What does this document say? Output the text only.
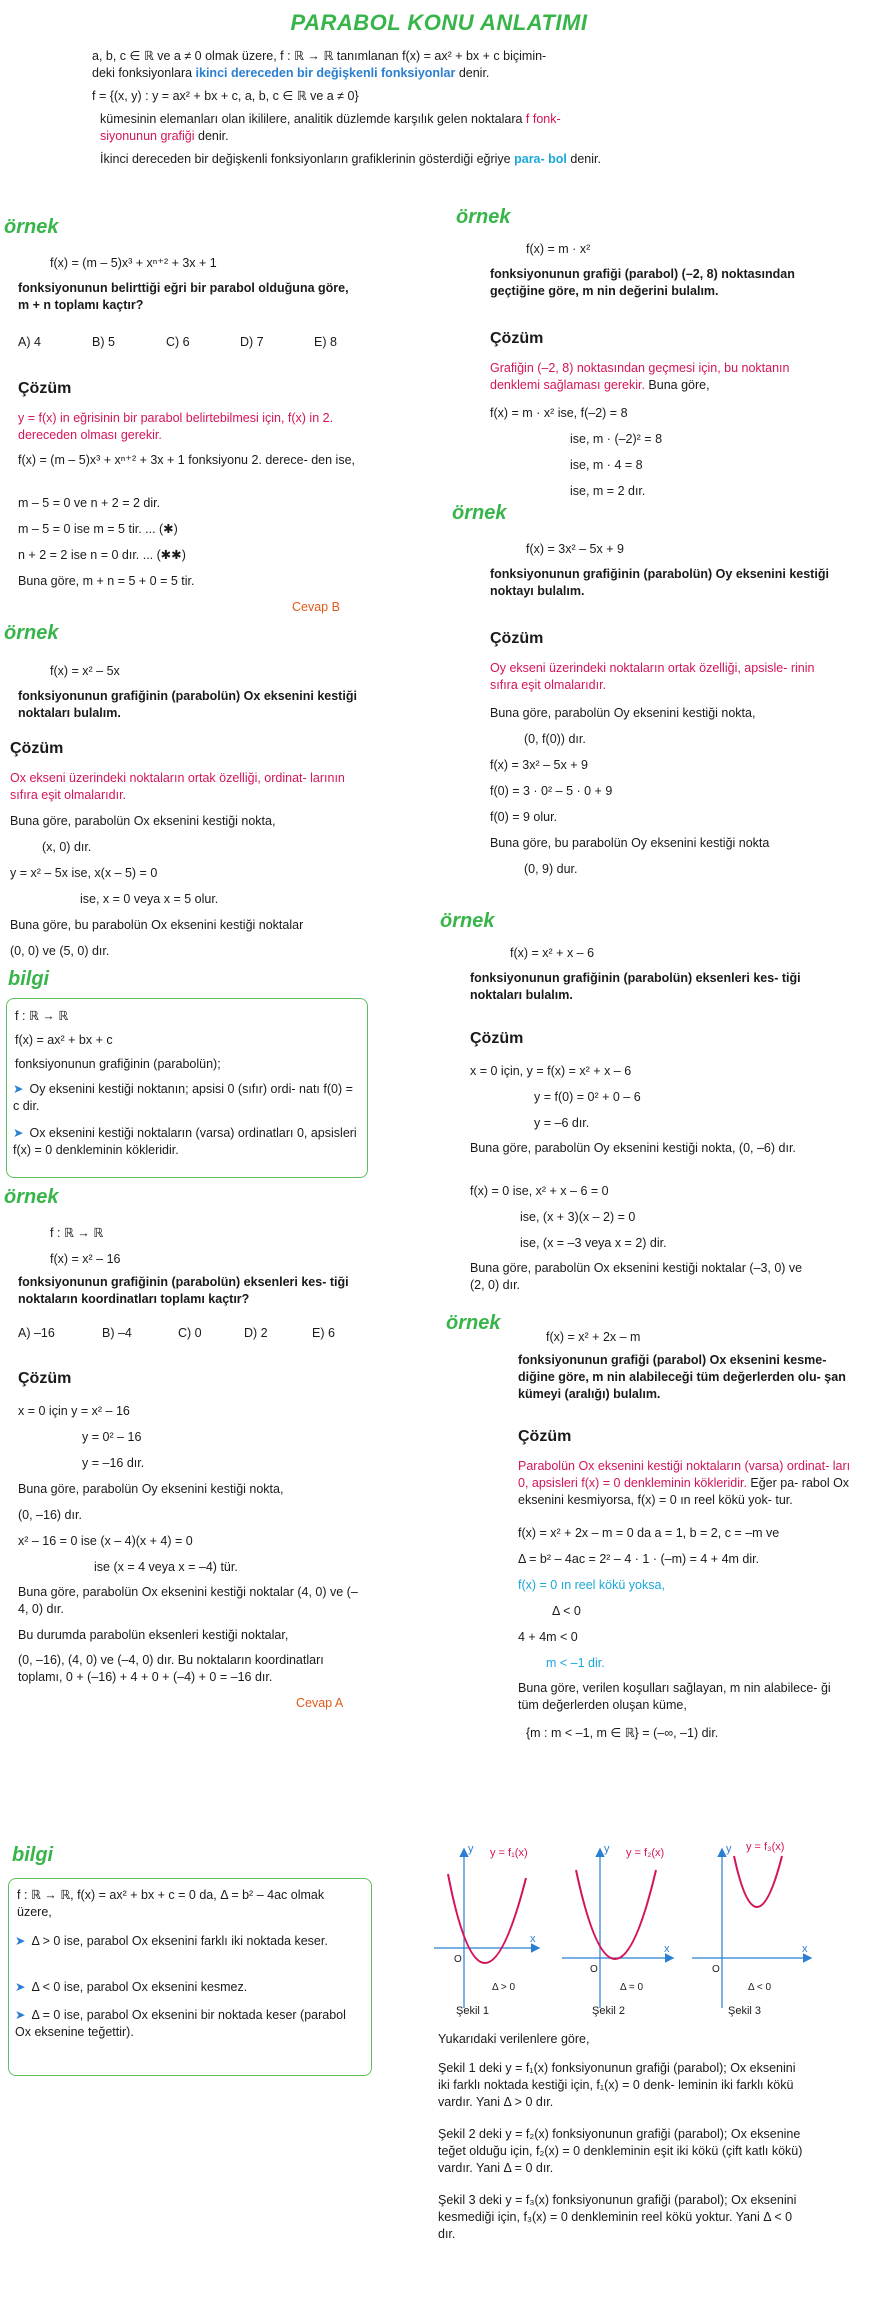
PARABOL KONU ANLATIMI

a, b, c ∈ ℝ ve a ≠ 0 olmak üzere, f : ℝ → ℝ tanımlanan f(x) = ax² + bx + c biçimin-
deki fonksiyonlara ikinci dereceden bir değişkenli fonksiyonlar denir.

f = {(x, y) : y = ax² + bx + c, a, b, c ∈ ℝ ve a ≠ 0}

kümesinin elemanları olan ikililere, analitik düzlemde karşılık gelen noktalara f fonk- siyonunun grafiği denir.

İkinci dereceden bir değişkenli fonksiyonların grafiklerinin gösterdiği eğriye para- bol denir.

örnek
f(x) = (m – 5)x³ + xⁿ⁺² + 3x + 1
fonksiyonunun belirttiği eğri bir parabol olduğuna göre, m + n toplamı kaçtır?
A) 4	B) 5	C) 6	D) 7	E) 8
Çözüm
y = f(x) in eğrisinin bir parabol belirtebilmesi için, f(x) in 2. dereceden olması gerekir.
f(x) = (m – 5)x³ + xⁿ⁺² + 3x + 1 fonksiyonu 2. derece- den ise,
m – 5 = 0 ve n + 2 = 2 dir.
m – 5 = 0 ise m = 5 tir. ... (✱)
n + 2 = 2 ise n = 0 dır. ... (✱✱)
Buna göre, m + n = 5 + 0 = 5 tir.
Cevap B
örnek
f(x) = x² – 5x
fonksiyonunun grafiğinin (parabolün) Ox eksenini kestiği noktaları bulalım.
Çözüm
Ox ekseni üzerindeki noktaların ortak özelliği, ordinat- larının sıfıra eşit olmalarıdır.
Buna göre, parabolün Ox eksenini kestiği nokta,
(x, 0) dır.
y = x² – 5x ise, x(x – 5) = 0
ise, x = 0 veya x = 5 olur.
Buna göre, bu parabolün Ox eksenini kestiği noktalar
(0, 0) ve (5, 0) dır.
bilgi
f : ℝ → ℝ
f(x) = ax² + bx + c
fonksiyonunun grafiğinin (parabolün);
➤ Oy eksenini kestiği noktanın; apsisi 0 (sıfır) ordi- natı f(0) = c dir.
➤ Ox eksenini kestiği noktaların (varsa) ordinatları 0, apsisleri f(x) = 0 denkleminin kökleridir.
örnek
f : ℝ → ℝ
f(x) = x² – 16
fonksiyonunun grafiğinin (parabolün) eksenleri kes- tiği noktaların koordinatları toplamı kaçtır?
A) –16	B) –4	C) 0	D) 2	E) 6
Çözüm
x = 0 için y = x² – 16
y = 0² – 16
y = –16 dır.
Buna göre, parabolün Oy eksenini kestiği nokta,
(0, –16) dır.
x² – 16 = 0 ise (x – 4)(x + 4) = 0
ise (x = 4 veya x = –4) tür.
Buna göre, parabolün Ox eksenini kestiği noktalar (4, 0) ve (–4, 0) dır.
Bu durumda parabolün eksenleri kestiği noktalar,
(0, –16), (4, 0) ve (–4, 0) dır. Bu noktaların koordinatları toplamı, 0 + (–16) + 4 + 0 + (–4) + 0 = –16 dır.
Cevap A
örnek
f(x) = m · x²
fonksiyonunun grafiği (parabol) (–2, 8) noktasından geçtiğine göre, m nin değerini bulalım.
Çözüm
Grafiğin (–2, 8) noktasından geçmesi için, bu noktanın denklemi sağlaması gerekir. Buna göre,
f(x) = m · x² ise, f(–2) = 8
ise, m · (–2)² = 8
ise, m · 4 = 8
ise, m = 2 dır.
örnek
f(x) = 3x² – 5x + 9
fonksiyonunun grafiğinin (parabolün) Oy eksenini kestiği noktayı bulalım.
Çözüm
Oy ekseni üzerindeki noktaların ortak özelliği, apsisle- rinin sıfıra eşit olmalarıdır.
Buna göre, parabolün Oy eksenini kestiği nokta,
(0, f(0)) dır.
f(x) = 3x² – 5x + 9
f(0) = 3 · 0² – 5 · 0 + 9
f(0) = 9 olur.
Buna göre, bu parabolün Oy eksenini kestiği nokta
(0, 9) dur.
örnek
f(x) = x² + x – 6
fonksiyonunun grafiğinin (parabolün) eksenleri kes- tiği noktaları bulalım.
Çözüm
x = 0 için, y = f(x) = x² + x – 6
y = f(0) = 0² + 0 – 6
y = –6 dır.
Buna göre, parabolün Oy eksenini kestiği nokta, (0, –6) dır.
f(x) = 0 ise, x² + x – 6 = 0
ise, (x + 3)(x – 2) = 0
ise, (x = –3 veya x = 2) dir.
Buna göre, parabolün Ox eksenini kestiği noktalar (–3, 0) ve (2, 0) dır.
örnek
f(x) = x² + 2x – m
fonksiyonunun grafiği (parabol) Ox eksenini kesme- diğine göre, m nin alabileceği tüm değerlerden olu- şan kümeyi (aralığı) bulalım.
Çözüm
Parabolün Ox eksenini kestiği noktaların (varsa) ordinat- ları 0, apsisleri f(x) = 0 denkleminin kökleridir. Eğer pa- rabol Ox eksenini kesmiyorsa, f(x) = 0 ın reel kökü yok- tur.
f(x) = x² + 2x – m = 0 da a = 1, b = 2, c = –m ve
Δ = b² – 4ac = 2² – 4 · 1 · (–m) = 4 + 4m dir.
f(x) = 0 ın reel kökü yoksa,
Δ < 0
4 + 4m < 0
m < –1 dir.
Buna göre, verilen koşulları sağlayan, m nin alabilece- ği tüm değerlerden oluşan küme,
{m : m < –1, m ∈ ℝ} = (–∞, –1) dir.
bilgi
f : ℝ → ℝ, f(x) = ax² + bx + c = 0 da, Δ = b² – 4ac olmak üzere,
➤ Δ > 0 ise, parabol Ox eksenini farklı iki noktada keser.
➤ Δ < 0 ise, parabol Ox eksenini kesmez.
➤ Δ = 0 ise, parabol Ox eksenini bir noktada keser (parabol Ox eksenine teğettir).
y = f₁(x)
y
x
O
Δ > 0
Şekil 1
y = f₂(x)
y
x
O
Δ = 0
Şekil 2
y = f₃(x)
y
x
O
Δ < 0
Şekil 3
Yukarıdaki verilenlere göre,
Şekil 1 deki y = f₁(x) fonksiyonunun grafiği (parabol); Ox eksenini iki farklı noktada kestiği için, f₁(x) = 0 denk- leminin iki farklı kökü vardır. Yani Δ > 0 dır.
Şekil 2 deki y = f₂(x) fonksiyonunun grafiği (parabol); Ox eksenine teğet olduğu için, f₂(x) = 0 denkleminin eşit iki kökü (çift katlı kökü) vardır. Yani Δ = 0 dır.
Şekil 3 deki y = f₃(x) fonksiyonunun grafiği (parabol); Ox eksenini kesmediği için, f₃(x) = 0 denkleminin reel kökü yoktur. Yani Δ < 0 dır.
